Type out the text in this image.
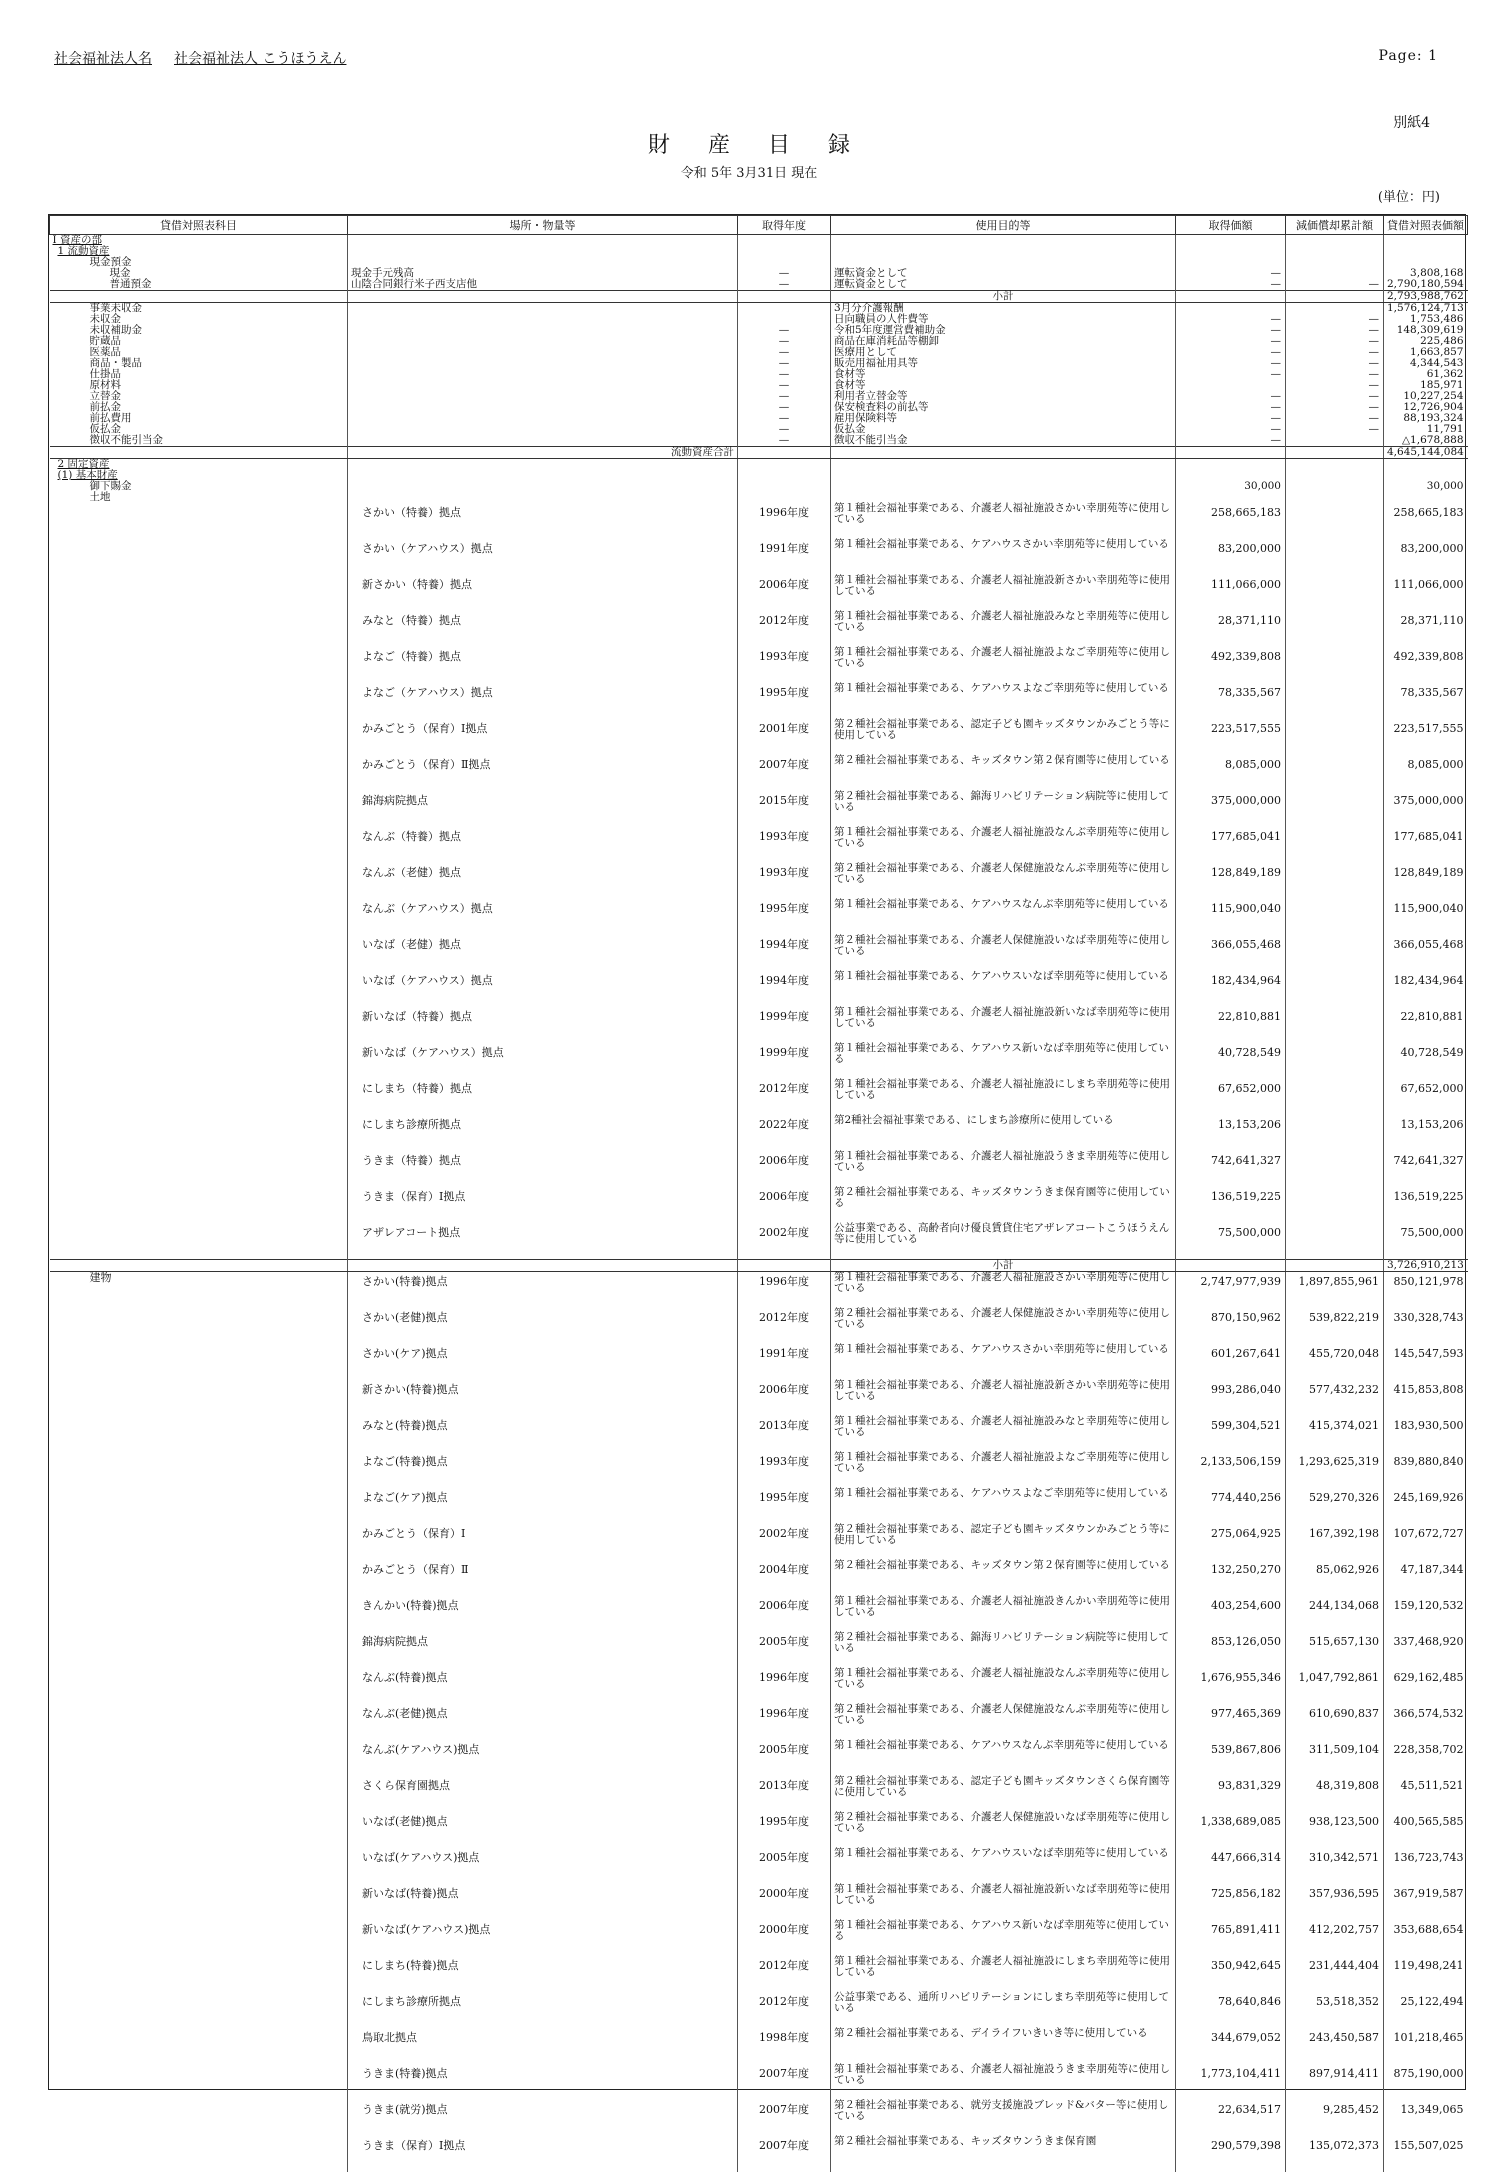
社会福祉法人名 社会福祉法人 こうほうえん	Page: 1
別紙4
財産目録
令和 5年 3月31日 現在
(単位：円)
貸借対照表科目	場所・物量等	取得年度	使用目的等	取得価額	減価償却累計額	貸借対照表価額
Ⅰ 資産の部						
1 流動資産						
現金預金						
現金	現金手元残高	—	運転資金として	—		3,808,168
普通預金	山陰合同銀行米子西支店他	—	運転資金として	—	—	2,790,180,594
			小計			2,793,988,762
事業未収金			3月分介護報酬			1,576,124,713
未収金			日向職員の人件費等	—	—	1,753,486
未収補助金		—	令和5年度運営費補助金	—	—	148,309,619
貯蔵品		—	商品在庫消耗品等棚卸	—	—	225,486
医薬品		—	医療用として	—	—	1,663,857
商品・製品		—	販売用福祉用具等	—	—	4,344,543
仕掛品		—	食材等	—	—	61,362
原材料		—	食材等		—	185,971
立替金		—	利用者立替金等	—	—	10,227,254
前払金		—	保安検査料の前払等	—	—	12,726,904
前払費用		—	雇用保険料等	—	—	88,193,324
仮払金		—	仮払金	—	—	11,791
徴収不能引当金		—	徴収不能引当金	—		△1,678,888
	流動資産合計					4,645,144,084
2 固定資産						
(1) 基本財産						
御下賜金				30,000		30,000
土地						
	さかい（特養）拠点	1996年度	第１種社会福祉事業である、介護老人福祉施設さかい幸朋苑等に使用している	258,665,183		258,665,183
	さかい（ケアハウス）拠点	1991年度	第１種社会福祉事業である、ケアハウスさかい幸朋苑等に使用している	83,200,000		83,200,000
	新さかい（特養）拠点	2006年度	第１種社会福祉事業である、介護老人福祉施設新さかい幸朋苑等に使用している	111,066,000		111,066,000
	みなと（特養）拠点	2012年度	第１種社会福祉事業である、介護老人福祉施設みなと幸朋苑等に使用している	28,371,110		28,371,110
	よなご（特養）拠点	1993年度	第１種社会福祉事業である、介護老人福祉施設よなご幸朋苑等に使用している	492,339,808		492,339,808
	よなご（ケアハウス）拠点	1995年度	第１種社会福祉事業である、ケアハウスよなご幸朋苑等に使用している	78,335,567		78,335,567
	かみごとう（保育）Ⅰ拠点	2001年度	第２種社会福祉事業である、認定子ども園キッズタウンかみごとう等に使用している	223,517,555		223,517,555
	かみごとう（保育）Ⅱ拠点	2007年度	第２種社会福祉事業である、キッズタウン第２保育園等に使用している	8,085,000		8,085,000
	錦海病院拠点	2015年度	第２種社会福祉事業である、錦海リハビリテーション病院等に使用している	375,000,000		375,000,000
	なんぶ（特養）拠点	1993年度	第１種社会福祉事業である、介護老人福祉施設なんぶ幸朋苑等に使用している	177,685,041		177,685,041
	なんぶ（老健）拠点	1993年度	第２種社会福祉事業である、介護老人保健施設なんぶ幸朋苑等に使用している	128,849,189		128,849,189
	なんぶ（ケアハウス）拠点	1995年度	第１種社会福祉事業である、ケアハウスなんぶ幸朋苑等に使用している	115,900,040		115,900,040
	いなば（老健）拠点	1994年度	第２種社会福祉事業である、介護老人保健施設いなば幸朋苑等に使用している	366,055,468		366,055,468
	いなば（ケアハウス）拠点	1994年度	第１種社会福祉事業である、ケアハウスいなば幸朋苑等に使用している	182,434,964		182,434,964
	新いなば（特養）拠点	1999年度	第１種社会福祉事業である、介護老人福祉施設新いなば幸朋苑等に使用している	22,810,881		22,810,881
	新いなば（ケアハウス）拠点	1999年度	第１種社会福祉事業である、ケアハウス新いなば幸朋苑等に使用している	40,728,549		40,728,549
	にしまち（特養）拠点	2012年度	第１種社会福祉事業である、介護老人福祉施設にしまち幸朋苑等に使用している	67,652,000		67,652,000
	にしまち診療所拠点	2022年度	第2種社会福祉事業である、にしまち診療所に使用している	13,153,206		13,153,206
	うきま（特養）拠点	2006年度	第１種社会福祉事業である、介護老人福祉施設うきま幸朋苑等に使用している	742,641,327		742,641,327
	うきま（保育）Ⅰ拠点	2006年度	第２種社会福祉事業である、キッズタウンうきま保育園等に使用している	136,519,225		136,519,225
	アザレアコート拠点	2002年度	公益事業である、高齢者向け優良賃貸住宅アザレアコートこうほうえん等に使用している	75,500,000		75,500,000
			小計			3,726,910,213
建物	さかい(特養)拠点	1996年度	第１種社会福祉事業である、介護老人福祉施設さかい幸朋苑等に使用している	2,747,977,939	1,897,855,961	850,121,978
	さかい(老健)拠点	2012年度	第２種社会福祉事業である、介護老人保健施設さかい幸朋苑等に使用している	870,150,962	539,822,219	330,328,743
	さかい(ケア)拠点	1991年度	第１種社会福祉事業である、ケアハウスさかい幸朋苑等に使用している	601,267,641	455,720,048	145,547,593
	新さかい(特養)拠点	2006年度	第１種社会福祉事業である、介護老人福祉施設新さかい幸朋苑等に使用している	993,286,040	577,432,232	415,853,808
	みなと(特養)拠点	2013年度	第１種社会福祉事業である、介護老人福祉施設みなと幸朋苑等に使用している	599,304,521	415,374,021	183,930,500
	よなご(特養)拠点	1993年度	第１種社会福祉事業である、介護老人福祉施設よなご幸朋苑等に使用している	2,133,506,159	1,293,625,319	839,880,840
	よなご(ケア)拠点	1995年度	第１種社会福祉事業である、ケアハウスよなご幸朋苑等に使用している	774,440,256	529,270,326	245,169,926
	かみごとう（保育）Ⅰ	2002年度	第２種社会福祉事業である、認定子ども園キッズタウンかみごとう等に使用している	275,064,925	167,392,198	107,672,727
	かみごとう（保育）Ⅱ	2004年度	第２種社会福祉事業である、キッズタウン第２保育園等に使用している	132,250,270	85,062,926	47,187,344
	きんかい(特養)拠点	2006年度	第１種社会福祉事業である、介護老人福祉施設きんかい幸朋苑等に使用している	403,254,600	244,134,068	159,120,532
	錦海病院拠点	2005年度	第２種社会福祉事業である、錦海リハビリテーション病院等に使用している	853,126,050	515,657,130	337,468,920
	なんぶ(特養)拠点	1996年度	第１種社会福祉事業である、介護老人福祉施設なんぶ幸朋苑等に使用している	1,676,955,346	1,047,792,861	629,162,485
	なんぶ(老健)拠点	1996年度	第２種社会福祉事業である、介護老人保健施設なんぶ幸朋苑等に使用している	977,465,369	610,690,837	366,574,532
	なんぶ(ケアハウス)拠点	2005年度	第１種社会福祉事業である、ケアハウスなんぶ幸朋苑等に使用している	539,867,806	311,509,104	228,358,702
	さくら保育園拠点	2013年度	第２種社会福祉事業である、認定子ども園キッズタウンさくら保育園等に使用している	93,831,329	48,319,808	45,511,521
	いなば(老健)拠点	1995年度	第２種社会福祉事業である、介護老人保健施設いなば幸朋苑等に使用している	1,338,689,085	938,123,500	400,565,585
	いなば(ケアハウス)拠点	2005年度	第１種社会福祉事業である、ケアハウスいなば幸朋苑等に使用している	447,666,314	310,342,571	136,723,743
	新いなば(特養)拠点	2000年度	第１種社会福祉事業である、介護老人福祉施設新いなば幸朋苑等に使用している	725,856,182	357,936,595	367,919,587
	新いなば(ケアハウス)拠点	2000年度	第１種社会福祉事業である、ケアハウス新いなば幸朋苑等に使用している	765,891,411	412,202,757	353,688,654
	にしまち(特養)拠点	2012年度	第１種社会福祉事業である、介護老人福祉施設にしまち幸朋苑等に使用している	350,942,645	231,444,404	119,498,241
	にしまち診療所拠点	2012年度	公益事業である、通所リハビリテーションにしまち幸朋苑等に使用している	78,640,846	53,518,352	25,122,494
	鳥取北拠点	1998年度	第２種社会福祉事業である、デイライフいきいき等に使用している	344,679,052	243,450,587	101,218,465
	うきま(特養)拠点	2007年度	第１種社会福祉事業である、介護老人福祉施設うきま幸朋苑等に使用している	1,773,104,411	897,914,411	875,190,000
	うきま(就労)拠点	2007年度	第２種社会福祉事業である、就労支援施設ブレッド&バター等に使用している	22,634,517	9,285,452	13,349,065
	うきま（保育）Ⅰ拠点	2007年度	第２種社会福祉事業である、キッズタウンうきま保育園	290,579,398	135,072,373	155,507,025
